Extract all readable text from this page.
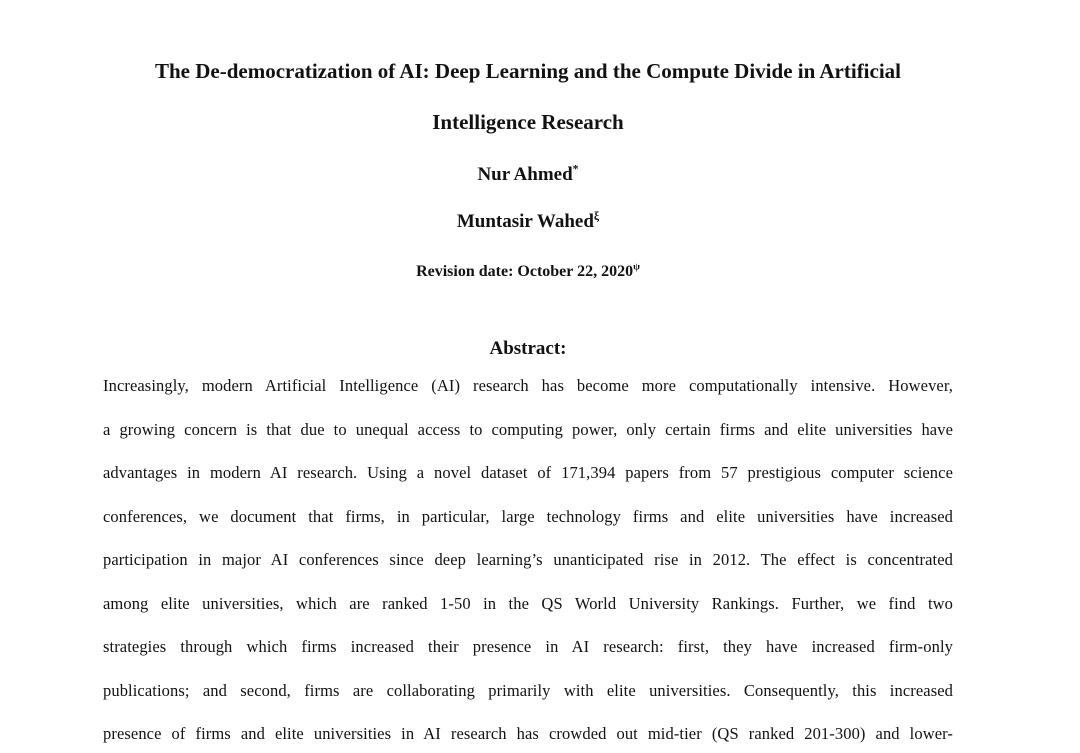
The De-democratization of AI: Deep Learning and the Compute Divide in Artificial
Intelligence Research
Nur Ahmed*
Muntasir Wahed$^\xi$
Revision date: October 22, 2020$^\psi$
Abstract:
Increasingly, modern Artificial Intelligence (AI) research has become more computationally intensive. However,
a growing concern is that due to unequal access to computing power, only certain firms and elite universities have
advantages in modern AI research. Using a novel dataset of 171,394 papers from 57 prestigious computer science
conferences, we document that firms, in particular, large technology firms and elite universities have increased
participation in major AI conferences since deep learning’s unanticipated rise in 2012. The effect is concentrated
among elite universities, which are ranked 1-50 in the QS World University Rankings. Further, we find two
strategies through which firms increased their presence in AI research: first, they have increased firm-only
publications; and second, firms are collaborating primarily with elite universities. Consequently, this increased
presence of firms and elite universities in AI research has crowded out mid-tier (QS ranked 201-300) and lower-
